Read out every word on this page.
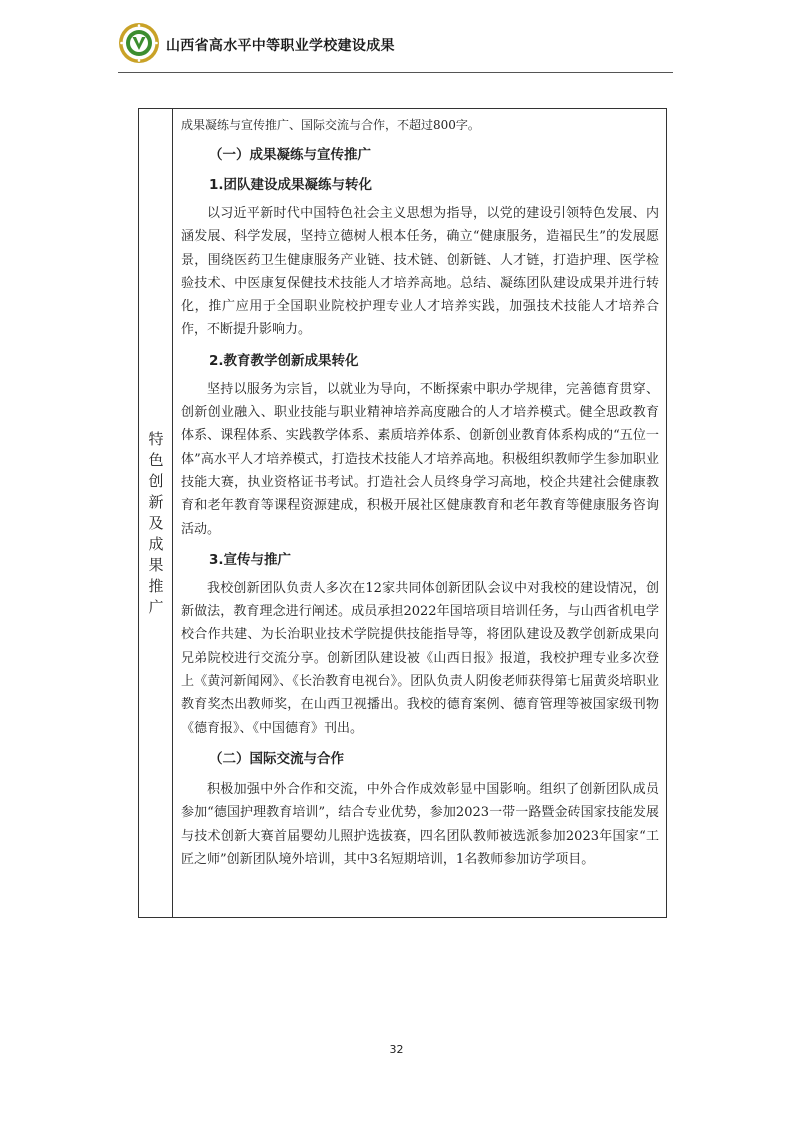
山西省高水平中等职业学校建设成果
特
色
创
新
及
成
果
推
广

成果凝练与宣传推广、国际交流与合作，不超过800字。

（一）成果凝练与宣传推广
1.团队建设成果凝练与转化

以习近平新时代中国特色社会主义思想为指导，以党的建设引领特色发展、内涵发展、科学发展，坚持立德树人根本任务，确立“健康服务，造福民生”的发展愿景，围绕医药卫生健康服务产业链、技术链、创新链、人才链，打造护理、医学检验技术、中医康复保健技术技能人才培养高地。总结、凝练团队建设成果并进行转化，推广应用于全国职业院校护理专业人才培养实践，加强技术技能人才培养合作，不断提升影响力。

2.教育教学创新成果转化

坚持以服务为宗旨，以就业为导向，不断探索中职办学规律，完善德育贯穿、创新创业融入、职业技能与职业精神培养高度融合的人才培养模式。健全思政教育体系、课程体系、实践教学体系、素质培养体系、创新创业教育体系构成的“五位一体”高水平人才培养模式，打造技术技能人才培养高地。积极组织教师学生参加职业技能大赛，执业资格证书考试。打造社会人员终身学习高地，校企共建社会健康教育和老年教育等课程资源建成，积极开展社区健康教育和老年教育等健康服务咨询活动。

3.宣传与推广

我校创新团队负责人多次在12家共同体创新团队会议中对我校的建设情况，创新做法，教育理念进行阐述。成员承担2022年国培项目培训任务，与山西省机电学校合作共建、为长治职业技术学院提供技能指导等，将团队建设及教学创新成果向兄弟院校进行交流分享。创新团队建设被《山西日报》报道，我校护理专业多次登上《黄河新闻网》、《长治教育电视台》。团队负责人阴俊老师获得第七届黄炎培职业教育奖杰出教师奖，在山西卫视播出。我校的德育案例、德育管理等被国家级刊物《德育报》、《中国德育》刊出。

（二）国际交流与合作

积极加强中外合作和交流，中外合作成效彰显中国影响。组织了创新团队成员参加“德国护理教育培训”，结合专业优势，参加2023一带一路暨金砖国家技能发展与技术创新大赛首届婴幼儿照护选拔赛，四名团队教师被选派参加2023年国家“工匠之师”创新团队境外培训，其中3名短期培训，1名教师参加访学项目。

32
